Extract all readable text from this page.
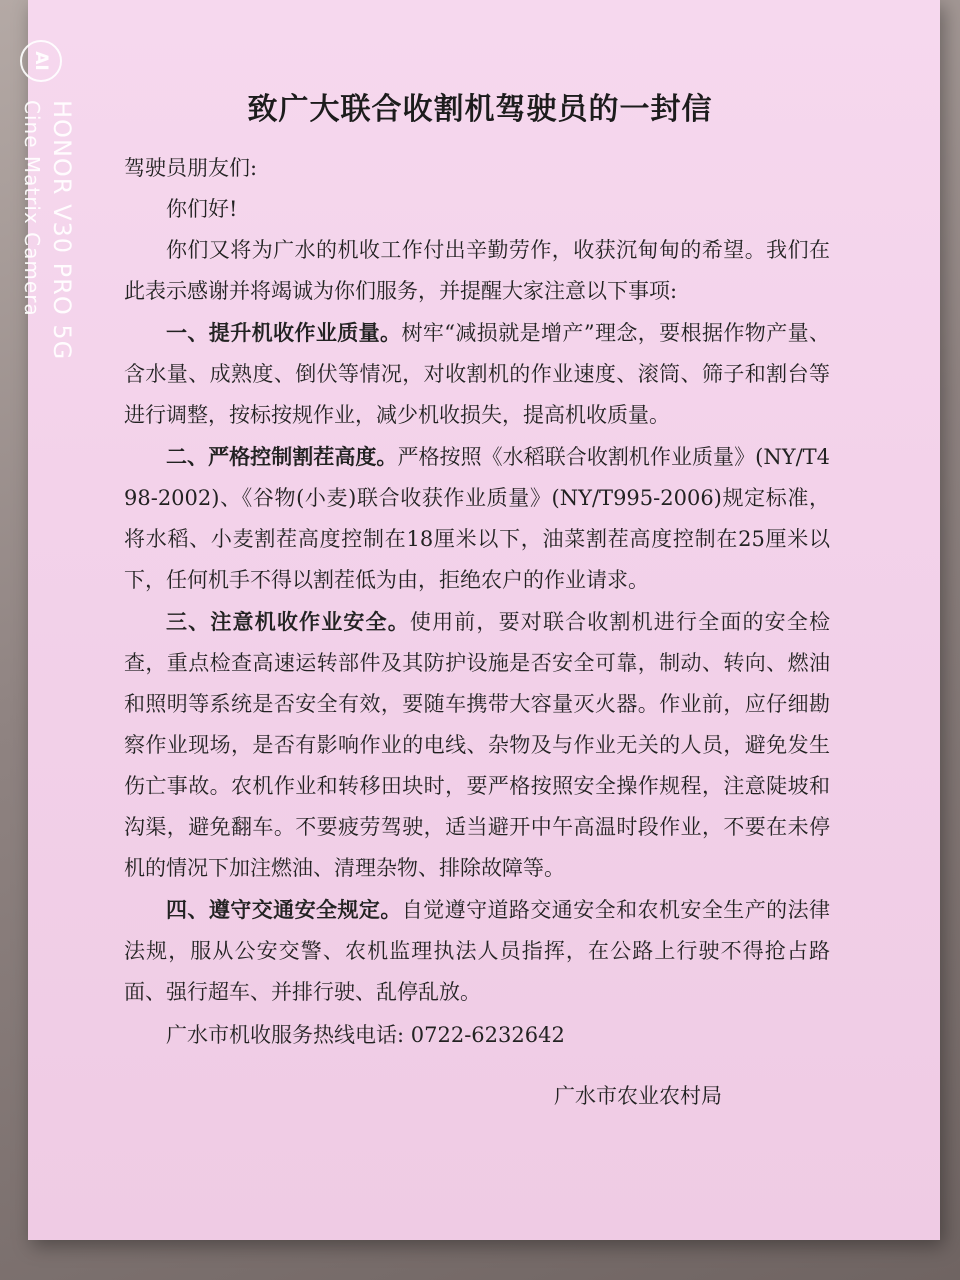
致广大联合收割机驾驶员的一封信

驾驶员朋友们:

你们好!

你们又将为广水的机收工作付出辛勤劳作，收获沉甸甸的希望。我们在此表示感谢并将竭诚为你们服务，并提醒大家注意以下事项:

一、提升机收作业质量。树牢“减损就是增产”理念，要根据作物产量、含水量、成熟度、倒伏等情况，对收割机的作业速度、滚筒、筛子和割台等进行调整，按标按规作业，减少机收损失，提高机收质量。

二、严格控制割茬高度。严格按照《水稻联合收割机作业质量》(NY/T498-2002)、《谷物(小麦)联合收获作业质量》(NY/T995-2006)规定标准，将水稻、小麦割茬高度控制在18厘米以下，油菜割茬高度控制在25厘米以下，任何机手不得以割茬低为由，拒绝农户的作业请求。

三、注意机收作业安全。使用前，要对联合收割机进行全面的安全检查，重点检查高速运转部件及其防护设施是否安全可靠，制动、转向、燃油和照明等系统是否安全有效，要随车携带大容量灭火器。作业前，应仔细勘察作业现场，是否有影响作业的电线、杂物及与作业无关的人员，避免发生伤亡事故。农机作业和转移田块时，要严格按照安全操作规程，注意陡坡和沟渠，避免翻车。不要疲劳驾驶，适当避开中午高温时段作业，不要在未停机的情况下加注燃油、清理杂物、排除故障等。

四、遵守交通安全规定。自觉遵守道路交通安全和农机安全生产的法律法规，服从公安交警、农机监理执法人员指挥，在公路上行驶不得抢占路面、强行超车、并排行驶、乱停乱放。

广水市机收服务热线电话: 0722-6232642

广水市农业农村局
AI
HONOR V30 PRO 5G
Cine Matrix Camera
